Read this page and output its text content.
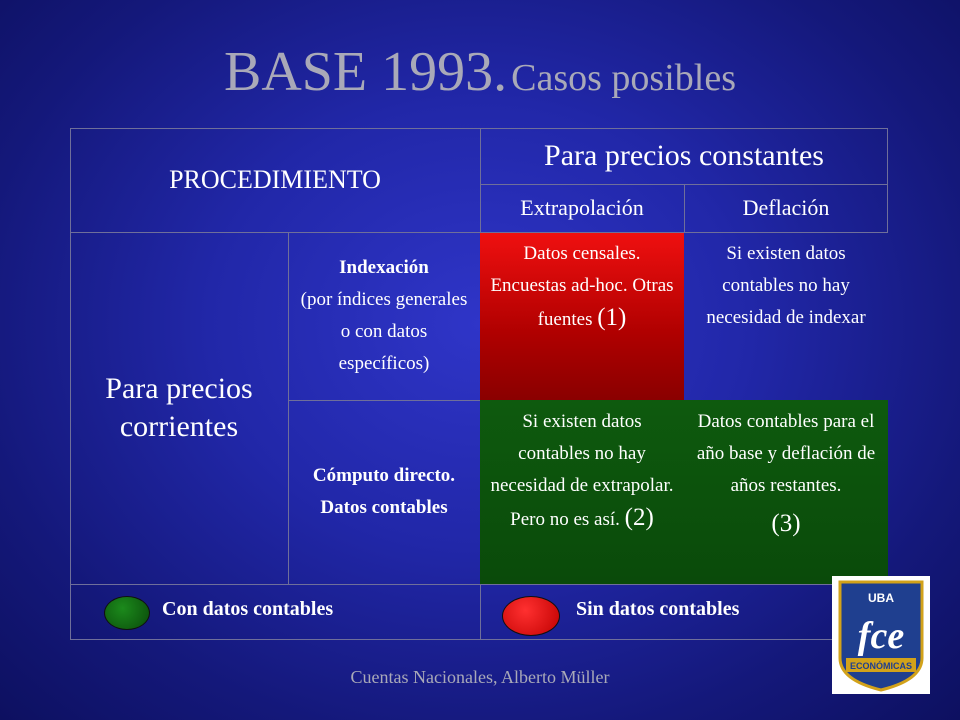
BASE 1993. Casos posibles
PROCEDIMIENTO
Para precios constantes
Extrapolación	Deflación
Para precios corrientes
Indexación
(por índices generales o con datos específicos)
Cómputo directo. Datos contables
Datos censales. Encuestas ad-hoc. Otras fuentes (1)
Si existen datos contables no hay necesidad de indexar
Si existen datos contables no hay necesidad de extrapolar. Pero no es así. (2)
Datos contables para el año base y deflación de años restantes.
(3)
Con datos contables	Sin datos contables
Cuentas Nacionales, Alberto Müller
UBA
fce
ECONÓMICAS
